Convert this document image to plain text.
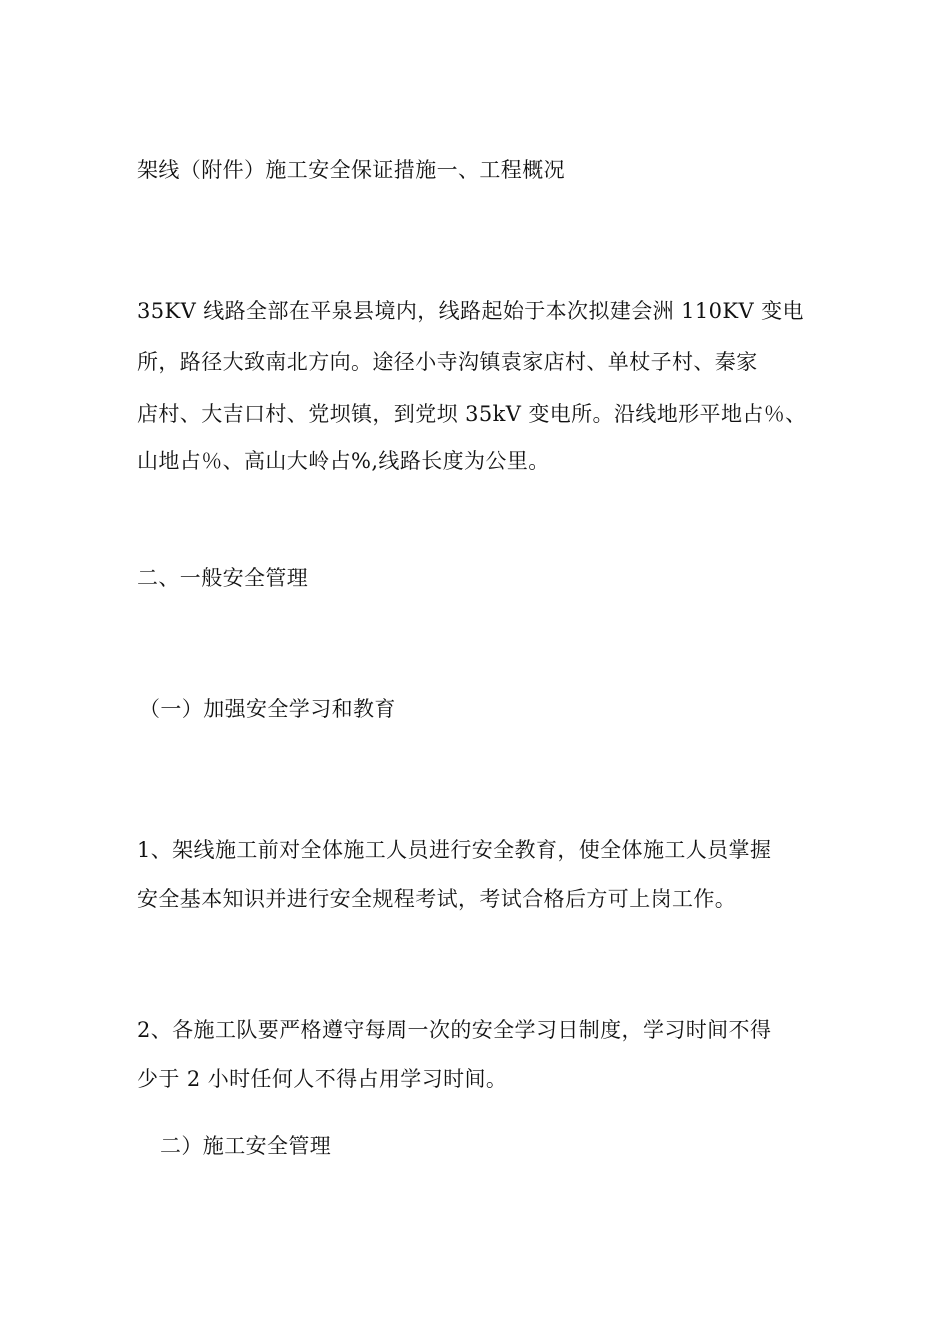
架线（附件）施工安全保证措施一、工程概况

35KV 线路全部在平泉县境内，线路起始于本次拟建会洲 110KV 变电

所，路径大致南北方向。途径小寺沟镇袁家店村、单杖子村、秦家

店村、大吉口村、党坝镇，到党坝 35kV 变电所。沿线地形平地占％、

山地占％、高山大岭占%,线路长度为公里。

二、一般安全管理

（一）加强安全学习和教育

1、架线施工前对全体施工人员进行安全教育，使全体施工人员掌握

安全基本知识并进行安全规程考试，考试合格后方可上岗工作。

2、各施工队要严格遵守每周一次的安全学习日制度，学习时间不得

少于 2 小时任何人不得占用学习时间。

二）施工安全管理
